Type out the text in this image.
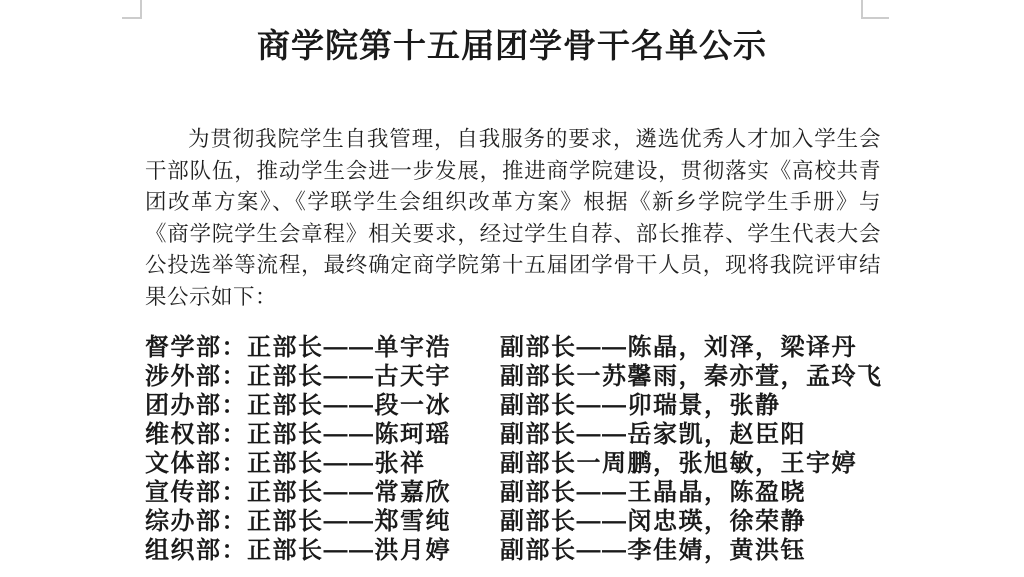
商学院第十五届团学骨干名单公示

为贯彻我院学生自我管理，自我服务的要求，遴选优秀人才加入学生会干部队伍，推动学生会进一步发展，推进商学院建设，贯彻落实《高校共青团改革方案》、《学联学生会组织改革方案》根据《新乡学院学生手册》与《商学院学生会章程》相关要求，经过学生自荐、部长推荐、学生代表大会公投选举等流程，最终确定商学院第十五届团学骨干人员，现将我院评审结果公示如下：

督学部：正部长——单宇浩	副部长——陈晶，刘泽，梁译丹
涉外部：正部长——古天宇	副部长一苏馨雨，秦亦萱，孟玲飞
团办部：正部长——段一冰	副部长——卯瑞景，张静
维权部：正部长——陈珂瑶	副部长——岳家凯，赵臣阳
文体部：正部长——张祥	副部长一周鹏，张旭敏，王宇婷
宣传部：正部长——常嘉欣	副部长——王晶晶，陈盈晓
综办部：正部长——郑雪纯	副部长——闵忠瑛，徐荣静
组织部：正部长——洪月婷	副部长——李佳婧，黄洪钰
